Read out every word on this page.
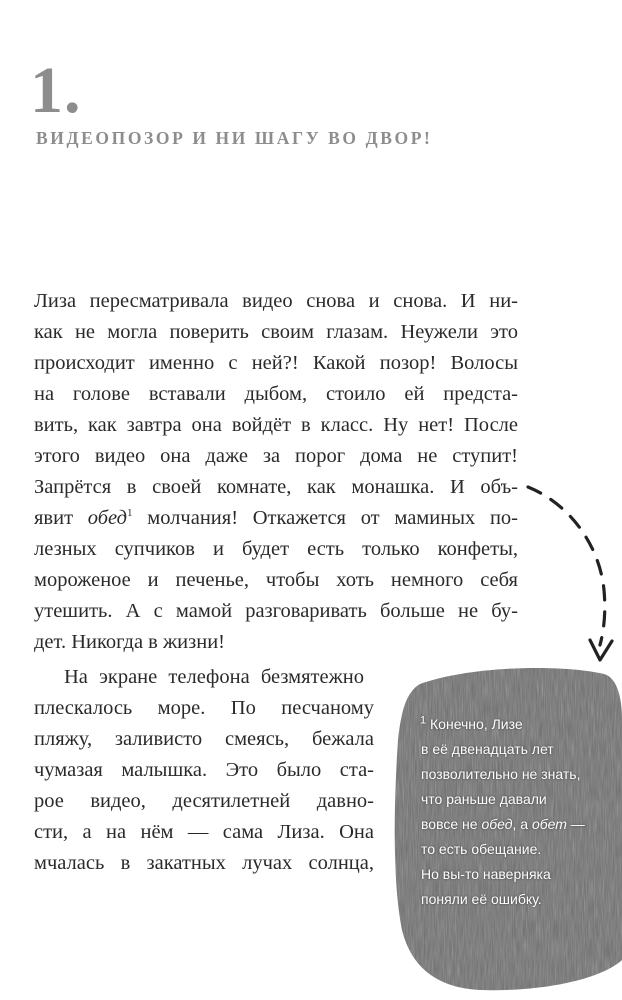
1.
ВИДЕОПОЗОР И НИ ШАГУ ВО ДВОР!
Лиза пересматривала видео снова и снова. И ни-
как не могла поверить своим глазам. Неужели это
происходит именно с ней?! Какой позор! Волосы
на голове вставали дыбом, стоило ей предста-
вить, как завтра она войдёт в класс. Ну нет! После
этого видео она даже за порог дома не ступит!
Запрётся в своей комнате, как монашка. И объ-
явит обед$^1$ молчания! Откажется от маминых по-
лезных супчиков и будет есть только конфеты,
мороженое и печенье, чтобы хоть немного себя
утешить. А с мамой разговаривать больше не бу-
дет. Никогда в жизни!
На экране телефона безмятежно
плескалось море. По песчаному
пляжу, заливисто смеясь, бежала
чумазая малышка. Это было ста-
рое видео, десятилетней давно-
сти, а на нём — сама Лиза. Она
мчалась в закатных лучах солнца,
$^1$ Конечно, Лизе
в её двенадцать лет
позволительно не знать,
что раньше давали
вовсе не обед, а обет —
то есть обещание.
Но вы-то наверняка
поняли её ошибку.
